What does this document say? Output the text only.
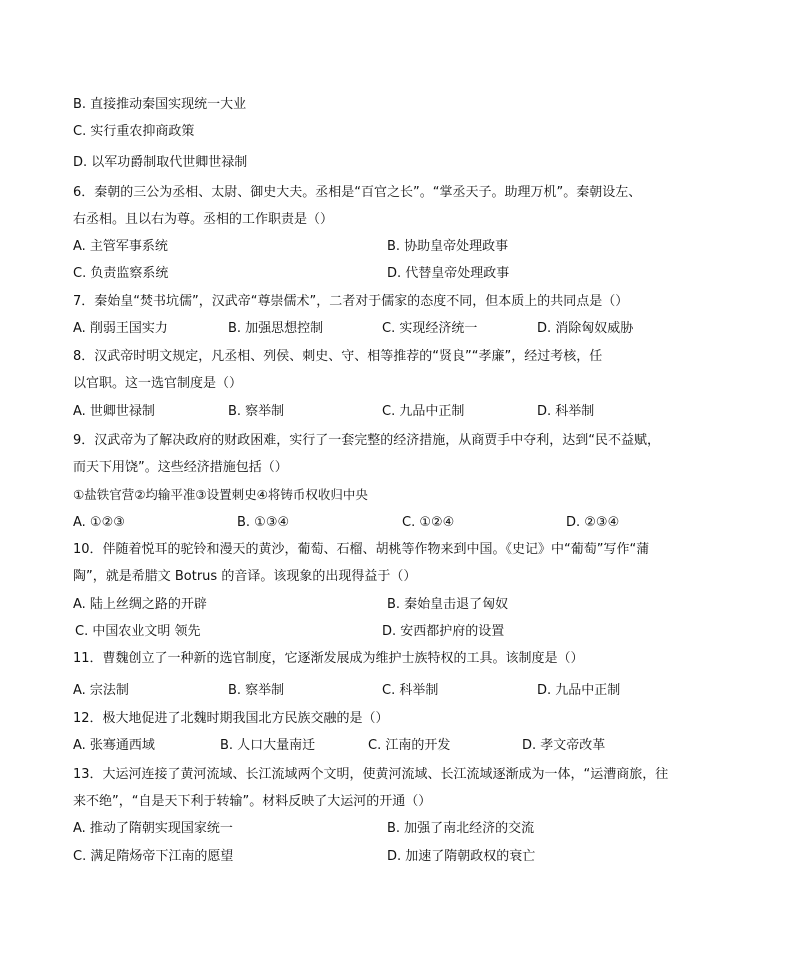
B. 直接推动秦国实现统一大业
C. 实行重农抑商政策
D. 以军功爵制取代世卿世禄制
6．秦朝的三公为丞相、太尉、御史大夫。丞相是“百官之长”。“掌丞天子。助理万机”。秦朝设左、
右丞相。且以右为尊。丞相的工作职责是（）
A. 主管军事系统	B. 协助皇帝处理政事
C. 负责监察系统	D. 代替皇帝处理政事
7．秦始皇“焚书坑儒”，汉武帝“尊崇儒术”，二者对于儒家的态度不同，但本质上的共同点是（）
A. 削弱王国实力	B. 加强思想控制	C. 实现经济统一	D. 消除匈奴威胁
8．汉武帝时明文规定，凡丞相、列侯、刺史、守、相等推荐的“贤良”“孝廉”，经过考核，任
以官职。这一选官制度是（）
A. 世卿世禄制	B. 察举制	C. 九品中正制	D. 科举制
9．汉武帝为了解决政府的财政困难，实行了一套完整的经济措施，从商贾手中夺利，达到“民不益赋，
而天下用饶”。这些经济措施包括（）
①盐铁官营②均输平准③设置刺史④将铸币权收归中央
A. ①②③	B. ①③④	C. ①②④	D. ②③④
10．伴随着悦耳的驼铃和漫天的黄沙，葡萄、石榴、胡桃等作物来到中国。《史记》中“葡萄”写作“蒲
陶”，就是希腊文 Botrus 的音译。该现象的出现得益于（）
A. 陆上丝绸之路的开辟	B. 秦始皇击退了匈奴
C. 中国农业文明 领先	D. 安西都护府的设置
11．曹魏创立了一种新的选官制度，它逐渐发展成为维护士族特权的工具。该制度是（）
A. 宗法制	B. 察举制	C. 科举制	D. 九品中正制
12．极大地促进了北魏时期我国北方民族交融的是（）
A. 张骞通西域	B. 人口大量南迁	C. 江南的开发	D. 孝文帝改革
13．大运河连接了黄河流域、长江流域两个文明，使黄河流域、长江流域逐渐成为一体，“运漕商旅，往
来不绝”，“自是天下利于转输”。材料反映了大运河的开通（）
A. 推动了隋朝实现国家统一	B. 加强了南北经济的交流
C. 满足隋炀帝下江南的愿望	D. 加速了隋朝政权的衰亡
